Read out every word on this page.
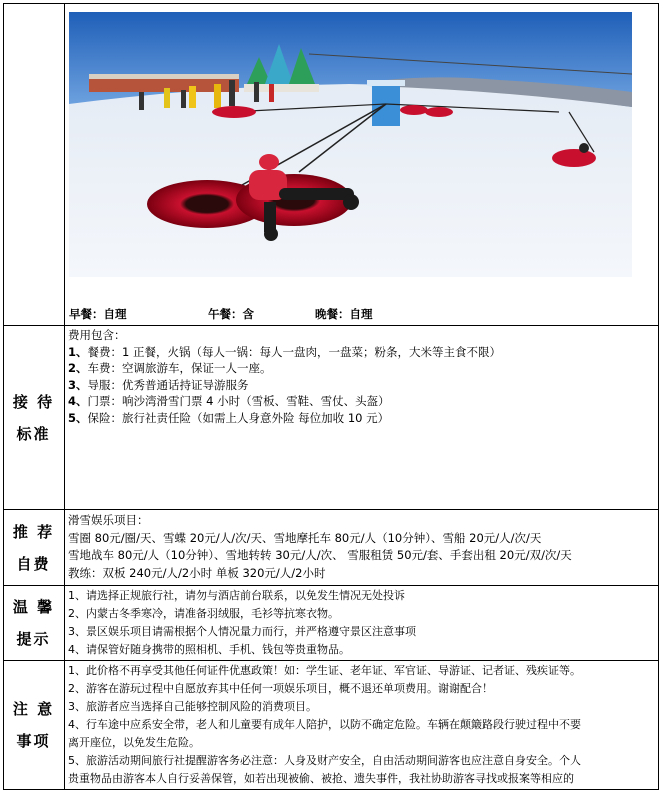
早餐：自理	午餐：含	晚餐：自理
接 待
标准
费用包含：
1、餐费：1 正餐，火锅（每人一锅：每人一盘肉，一盘菜；粉条，大米等主食不限）
2、车费：空调旅游车，保证一人一座。
3、导服：优秀普通话持证导游服务
4、门票：响沙湾滑雪门票 4 小时（雪板、雪鞋、雪仗、头盔）
5、保险：旅行社责任险（如需上人身意外险 每位加收 10 元）
推 荐
自费
滑雪娱乐项目：
雪圈 80元/圈/天、雪蝶 20元/人/次/天、雪地摩托车 80元/人（10分钟）、雪船 20元/人/次/天
雪地战车 80元/人（10分钟）、雪地转转 30元/人/次、 雪服租赁 50元/套、手套出租 20元/双/次/天
教练：双板 240元/人/2小时 单板 320元/人/2小时
温 馨
提示
1、请选择正规旅行社，请勿与酒店前台联系，以免发生情况无处投诉
2、内蒙古冬季寒冷，请准备羽绒服，毛衫等抗寒衣物。
3、景区娱乐项目请需根据个人情况量力而行，并严格遵守景区注意事项
4、请保管好随身携带的照相机、手机、钱包等贵重物品。
注 意
事项
1、此价格不再享受其他任何证件优惠政策！如：学生证、老年证、军官证、导游证、记者证、残疾证等。
2、游客在游玩过程中自愿放弃其中任何一项娱乐项目，概不退还单项费用。谢谢配合！
3、旅游者应当选择自己能够控制风险的消费项目。
4、行车途中应系安全带，老人和儿童要有成年人陪护，以防不确定危险。车辆在颠簸路段行驶过程中不要
离开座位，以免发生危险。
5、旅游活动期间旅行社提醒游客务必注意：人身及财产安全，自由活动期间游客也应注意自身安全。个人
贵重物品由游客本人自行妥善保管，如若出现被偷、被抢、遗失事件，我社协助游客寻找或报案等相应的
